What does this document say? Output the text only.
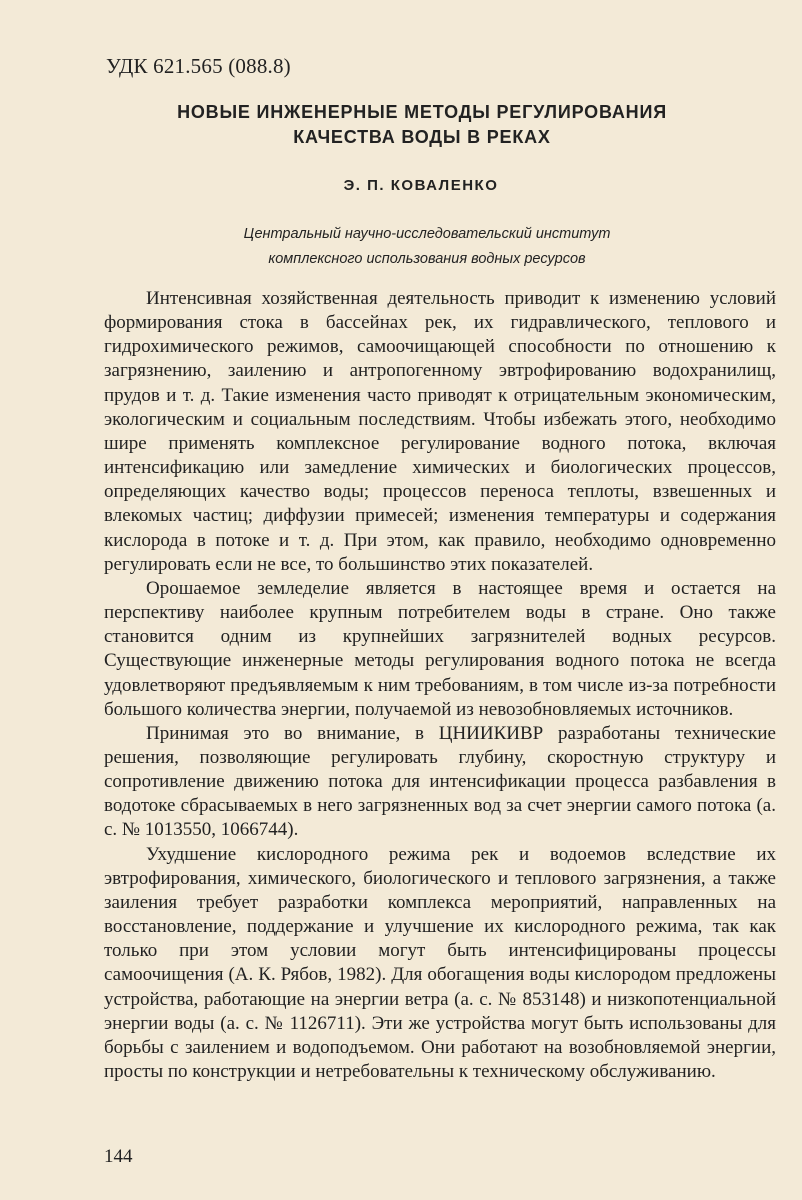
УДК 621.565 (088.8)
НОВЫЕ ИНЖЕНЕРНЫЕ МЕТОДЫ РЕГУЛИРОВАНИЯ
КАЧЕСТВА ВОДЫ В РЕКАХ
Э. П. КОВАЛЕНКО
Центральный научно-исследовательский институт
комплексного использования водных ресурсов

Интенсивная хозяйственная деятельность приводит к изменению условий формирования стока в бассейнах рек, их гидравлического, теплового и гидрохимического режимов, самоочищающей способности по отношению к загрязнению, заилению и антропогенному эвтрофированию водохранилищ, прудов и т. д. Такие изменения часто приводят к отрицательным экономическим, экологическим и социальным последствиям. Чтобы избежать этого, необходимо шире применять комплексное регулирование водного потока, включая интенсификацию или замедление химических и биологических процессов, определяющих качество воды; процессов переноса теплоты, взвешенных и влекомых частиц; диффузии примесей; изменения температуры и содержания кислорода в потоке и т. д. При этом, как правило, необходимо одновременно регулировать если не все, то большинство этих показателей.

Орошаемое земледелие является в настоящее время и остается на перспективу наиболее крупным потребителем воды в стране. Оно также становится одним из крупнейших загрязнителей водных ресурсов. Существующие инженерные методы регулирования водного потока не всегда удовлетворяют предъявляемым к ним требованиям, в том числе из-за потребности большого количества энергии, получаемой из невозобновляемых источников.

Принимая это во внимание, в ЦНИИКИВР разработаны технические решения, позволяющие регулировать глубину, скоростную структуру и сопротивление движению потока для интенсификации процесса разбавления в водотоке сбрасываемых в него загрязненных вод за счет энергии самого потока (а. с. № 1013550, 1066744).

Ухудшение кислородного режима рек и водоемов вследствие их эвтрофирования, химического, биологического и теплового загрязнения, а также заиления требует разработки комплекса мероприятий, направленных на восстановление, поддержание и улучшение их кислородного режима, так как только при этом условии могут быть интенсифицированы процессы самоочищения (А. К. Рябов, 1982). Для обогащения воды кислородом предложены устройства, работающие на энергии ветра (а. с. № 853148) и низкопотенциальной энергии воды (а. с. № 1126711). Эти же устройства могут быть использованы для борьбы с заилением и водоподъемом. Они работают на возобновляемой энергии, просты по конструкции и нетребовательны к техническому обслуживанию.

144
